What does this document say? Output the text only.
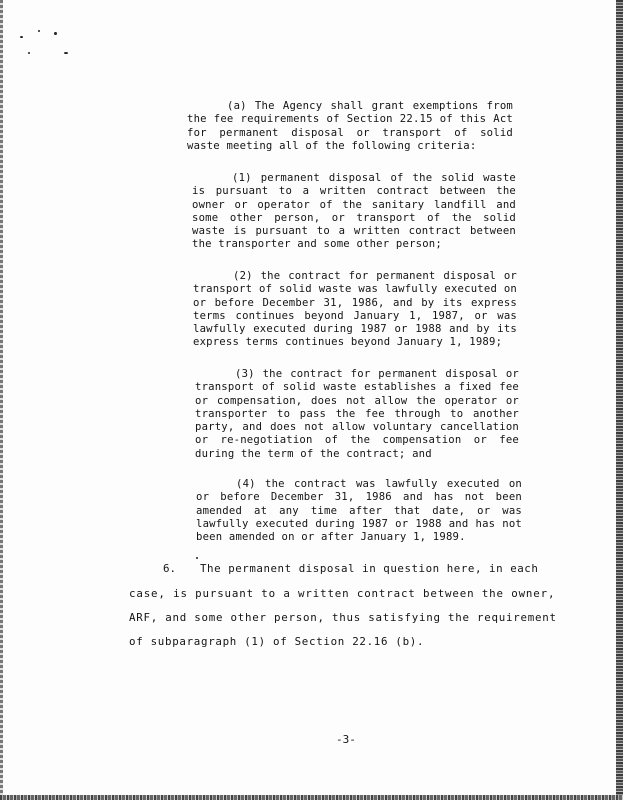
(a) The Agency shall grant exemptions from the fee requirements of Section 22.15 of this Act for permanent disposal or transport of solid waste meeting all of the following criteria:

(1) permanent disposal of the solid waste is pursuant to a written contract between the owner or operator of the sanitary landfill and some other person, or transport of the solid waste is pursuant to a written contract between the transporter and some other person;

(2) the contract for permanent disposal or transport of solid waste was lawfully executed on or before December 31, 1986, and by its express terms continues beyond January 1, 1987, or was lawfully executed during 1987 or 1988 and by its express terms continues beyond January 1, 1989;

(3) the contract for permanent disposal or transport of solid waste establishes a fixed fee or compensation, does not allow the operator or transporter to pass the fee through to another party, and does not allow voluntary cancellation or re-negotiation of the compensation or fee during the term of the contract; and

(4) the contract was lawfully executed on or before December 31, 1986 and has not been amended at any time after that date, or was lawfully executed during 1987 or 1988 and has not been amended on or after January 1, 1989.

6. The permanent disposal in question here, in each

case, is pursuant to a written contract between the owner,

ARF, and some other person, thus satisfying the requirement

of subparagraph (1) of Section 22.16 (b).

-3-
